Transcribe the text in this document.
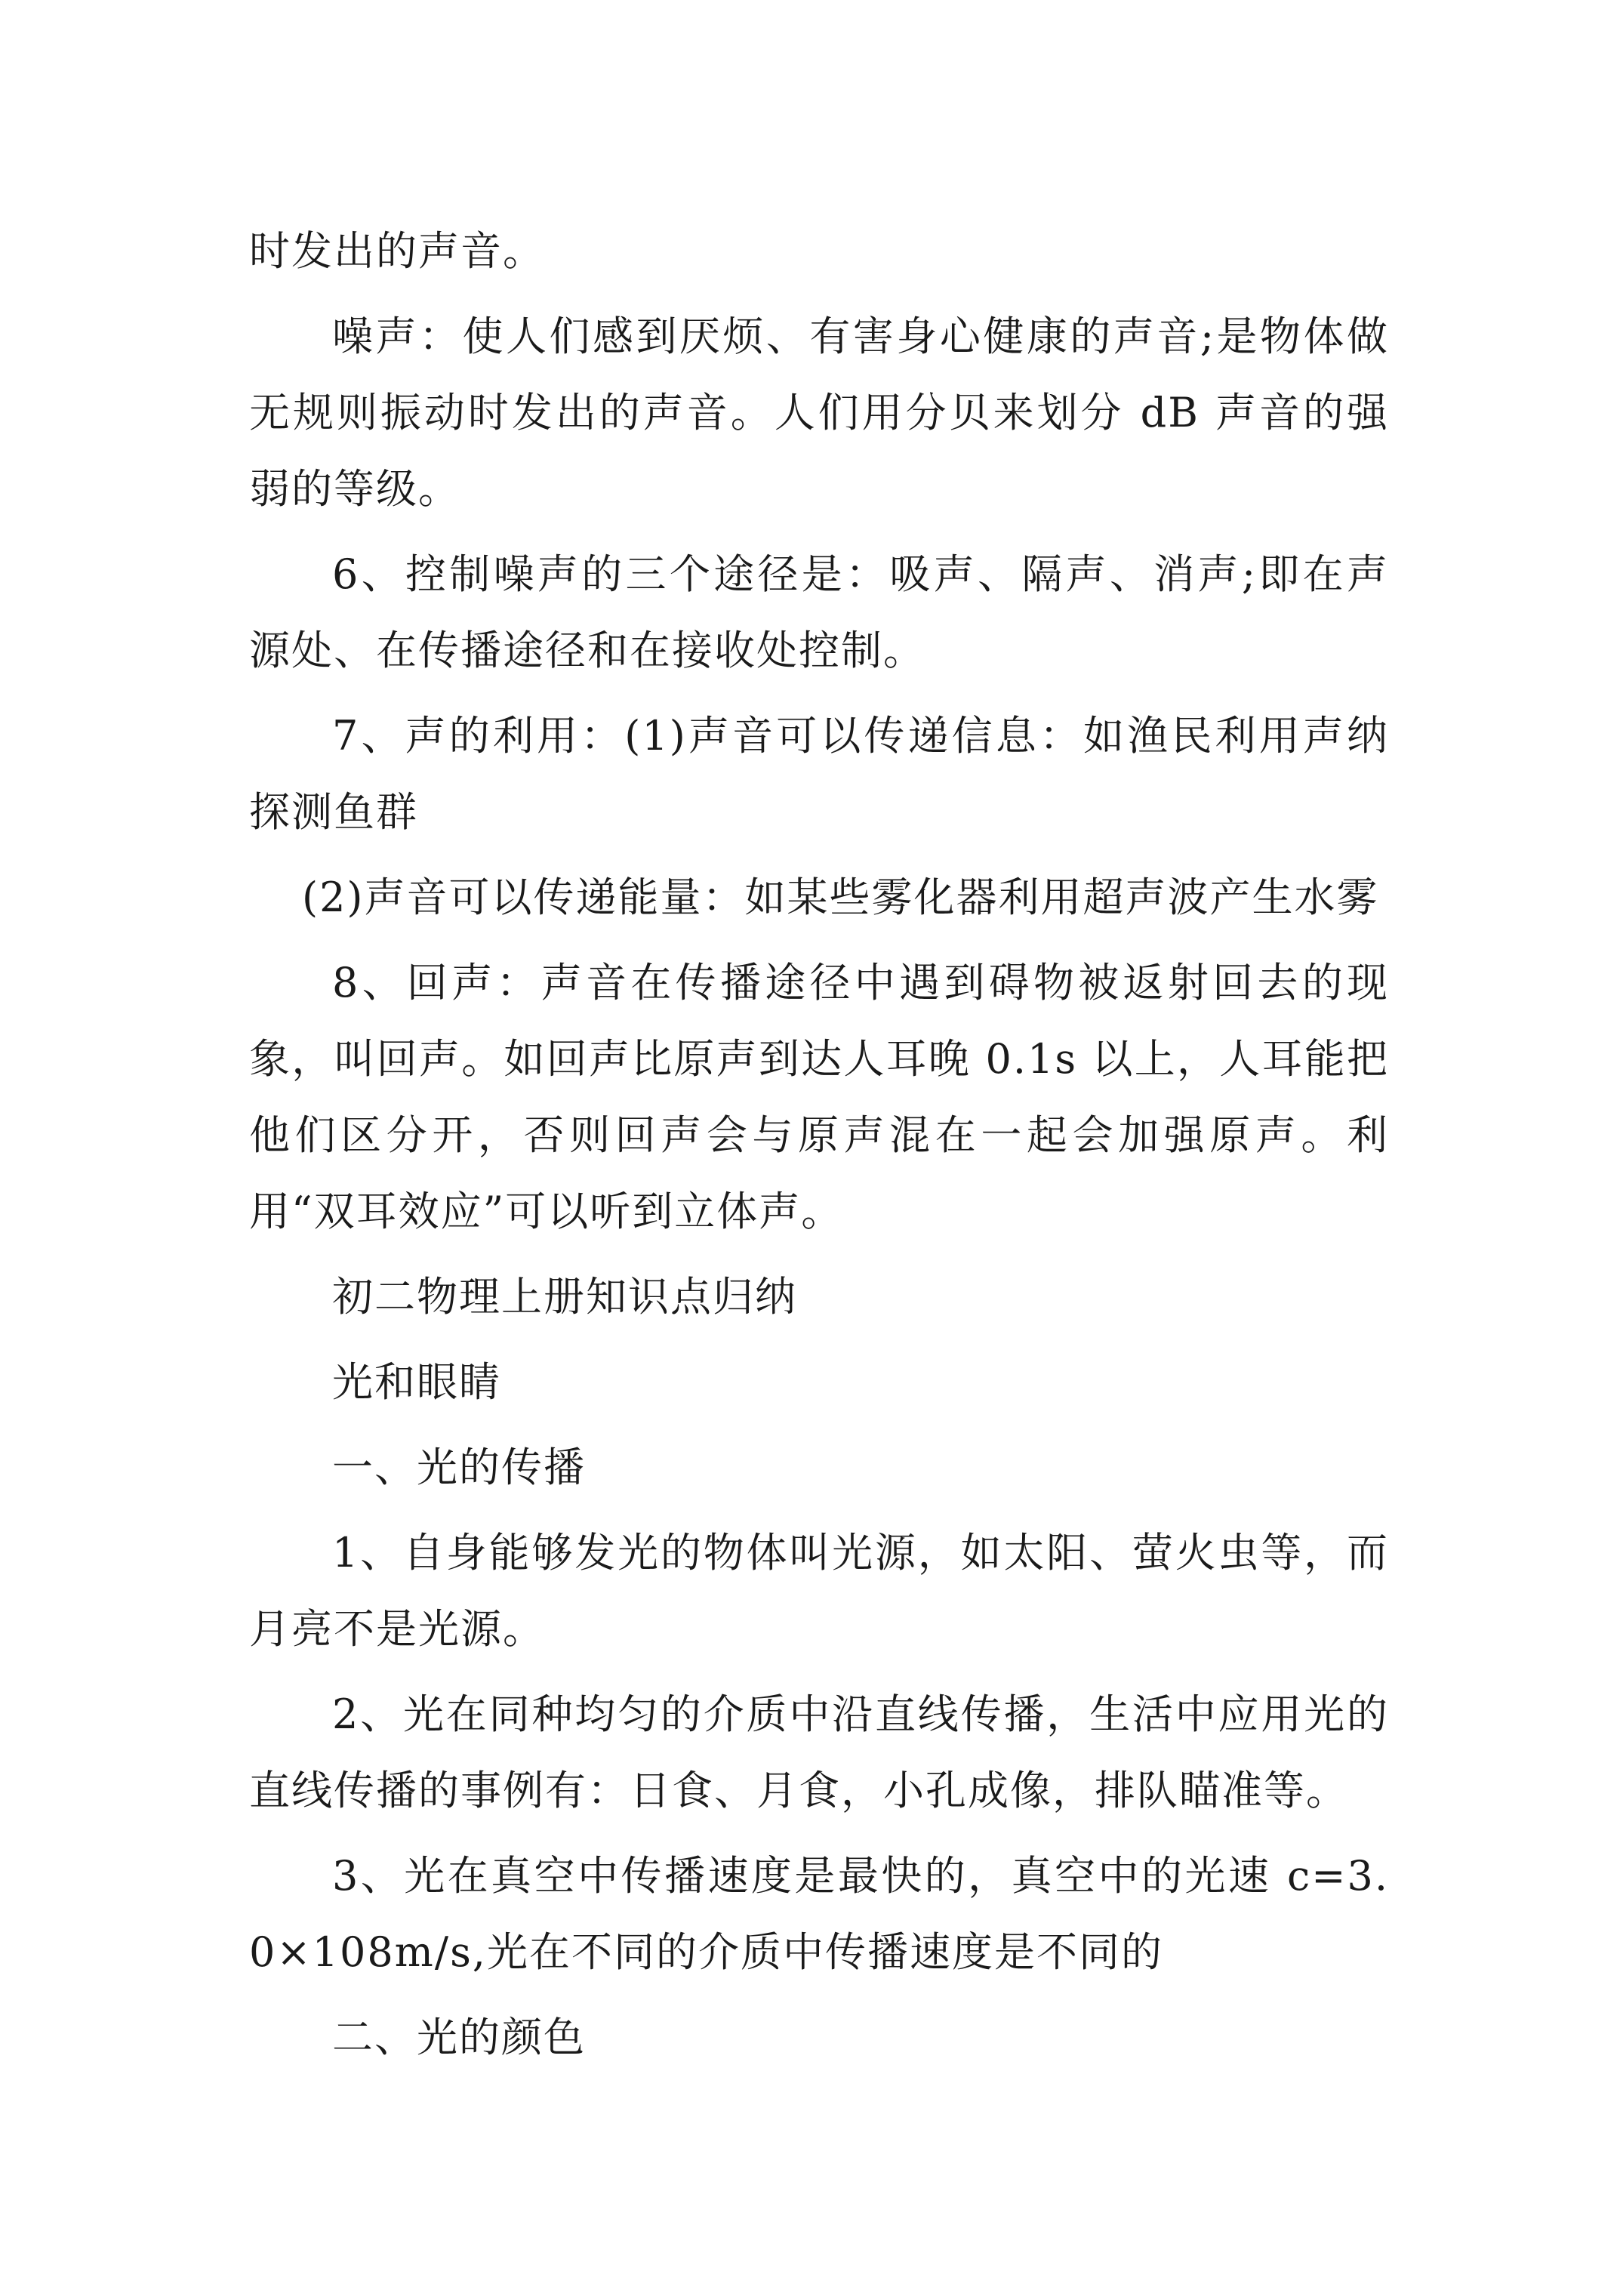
时发出的声音。

噪声：使人们感到厌烦、有害身心健康的声音;是物体做无规则振动时发出的声音。人们用分贝来划分 dB 声音的强弱的等级。

6、控制噪声的三个途径是：吸声、隔声、消声;即在声源处、在传播途径和在接收处控制。

7、声的利用：(1)声音可以传递信息：如渔民利用声纳探测鱼群

(2)声音可以传递能量：如某些雾化器利用超声波产生水雾

8、回声：声音在传播途径中遇到碍物被返射回去的现象，叫回声。如回声比原声到达人耳晚 0.1s 以上，人耳能把他们区分开，否则回声会与原声混在一起会加强原声。利用“双耳效应”可以听到立体声。

初二物理上册知识点归纳

光和眼睛

一、光的传播

1、自身能够发光的物体叫光源，如太阳、萤火虫等，而月亮不是光源。

2、光在同种均匀的介质中沿直线传播，生活中应用光的直线传播的事例有：日食、月食，小孔成像，排队瞄准等。

3、光在真空中传播速度是最快的，真空中的光速 c=3.0×108m/s,光在不同的介质中传播速度是不同的

二、光的颜色
